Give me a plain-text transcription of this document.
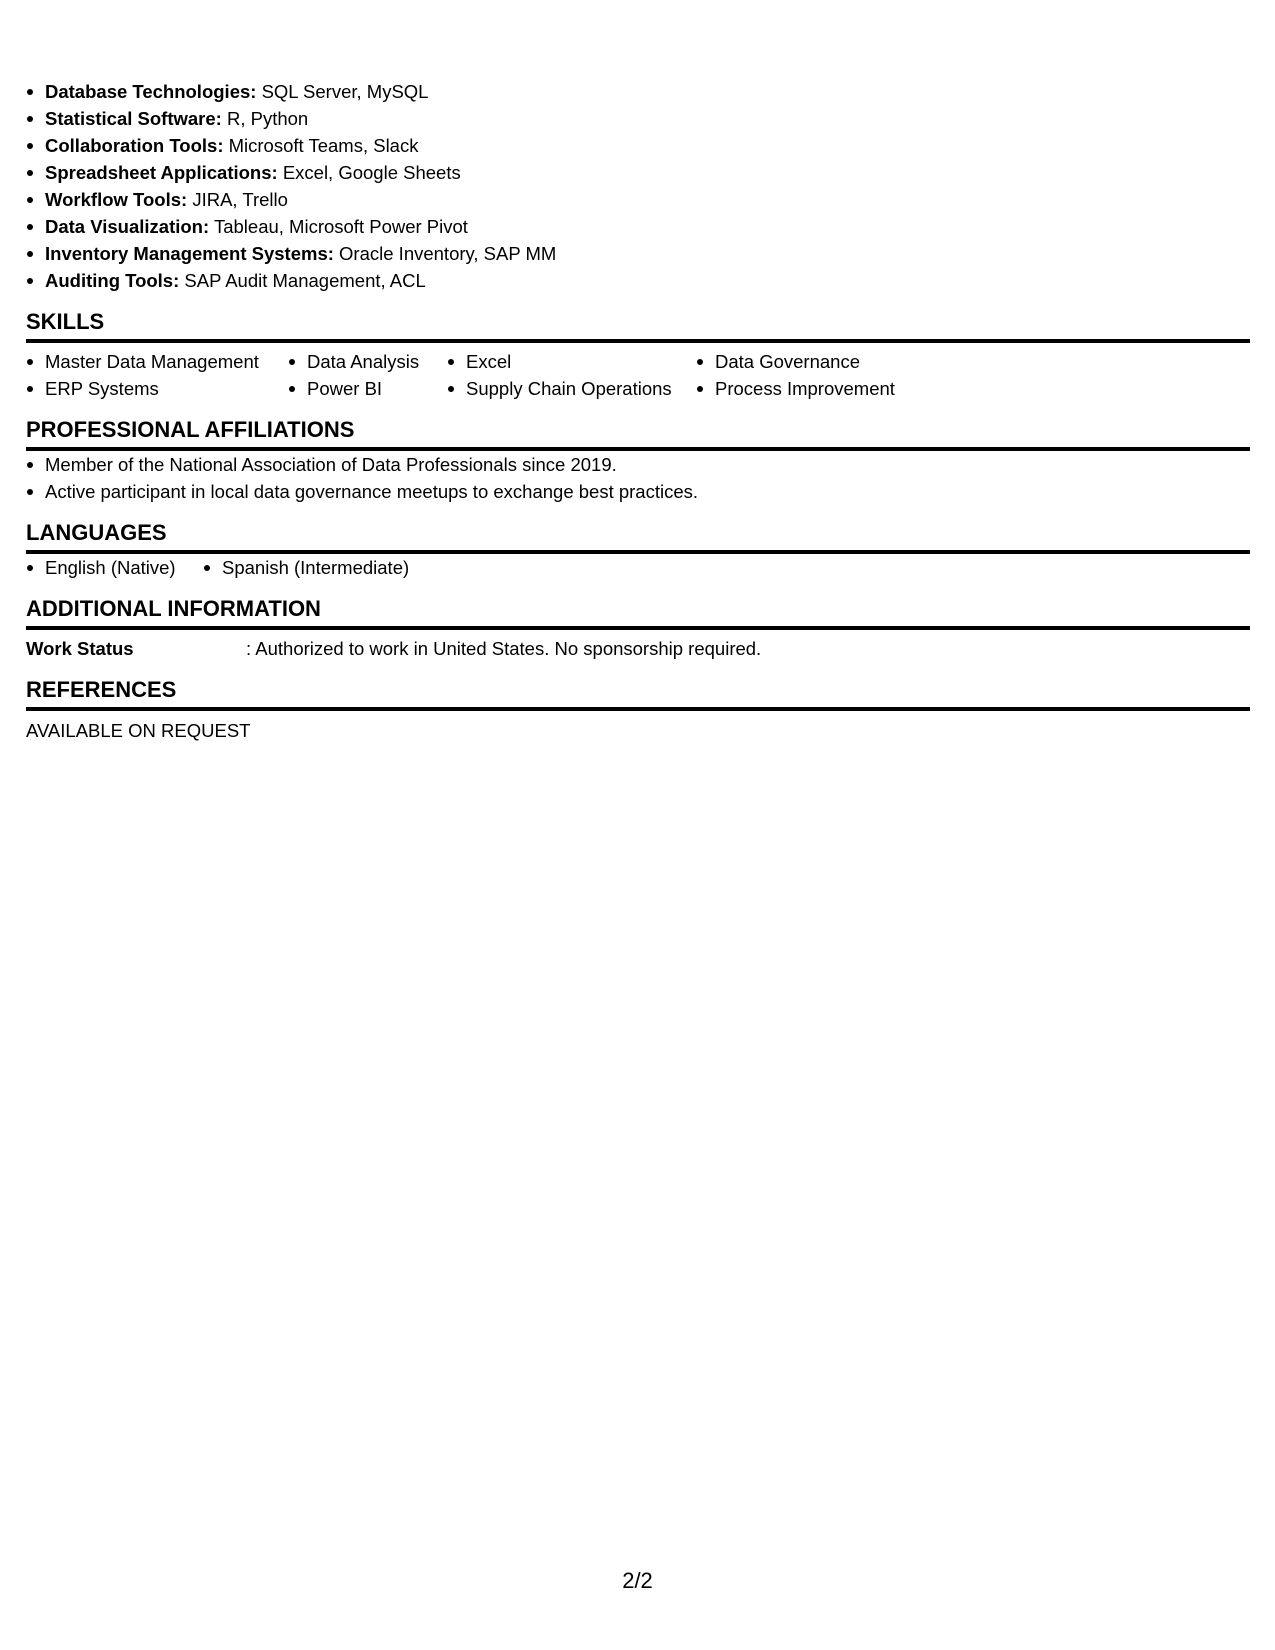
Database Technologies: SQL Server, MySQL
Statistical Software: R, Python
Collaboration Tools: Microsoft Teams, Slack
Spreadsheet Applications: Excel, Google Sheets
Workflow Tools: JIRA, Trello
Data Visualization: Tableau, Microsoft Power Pivot
Inventory Management Systems: Oracle Inventory, SAP MM
Auditing Tools: SAP Audit Management, ACL
SKILLS
Master Data Management
ERP Systems
Data Analysis
Power BI
Excel
Supply Chain Operations
Data Governance
Process Improvement
PROFESSIONAL AFFILIATIONS
Member of the National Association of Data Professionals since 2019.
Active participant in local data governance meetups to exchange best practices.
LANGUAGES
English (Native)	Spanish (Intermediate)
ADDITIONAL INFORMATION
Work Status	: Authorized to work in United States. No sponsorship required.
REFERENCES
AVAILABLE ON REQUEST
2/2
